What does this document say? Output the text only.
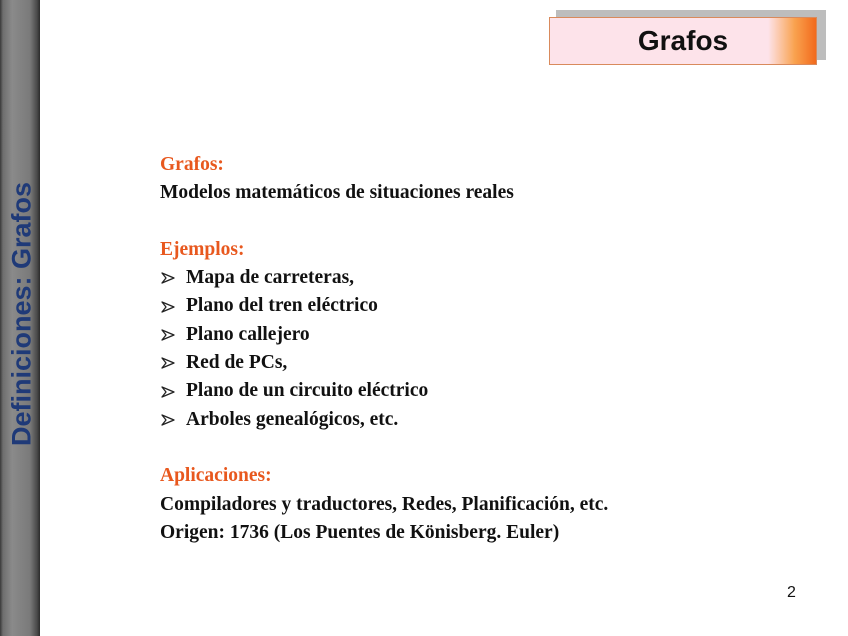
Definiciones: Grafos
Grafos
Grafos:
Modelos matemáticos de situaciones reales
Ejemplos:
Mapa de carreteras,
Plano del tren eléctrico
Plano callejero
Red de PCs,
Plano de un circuito eléctrico
Arboles genealógicos, etc.
Aplicaciones:
Compiladores y traductores, Redes, Planificación, etc.
Origen: 1736 (Los Puentes de Könisberg. Euler)
2
